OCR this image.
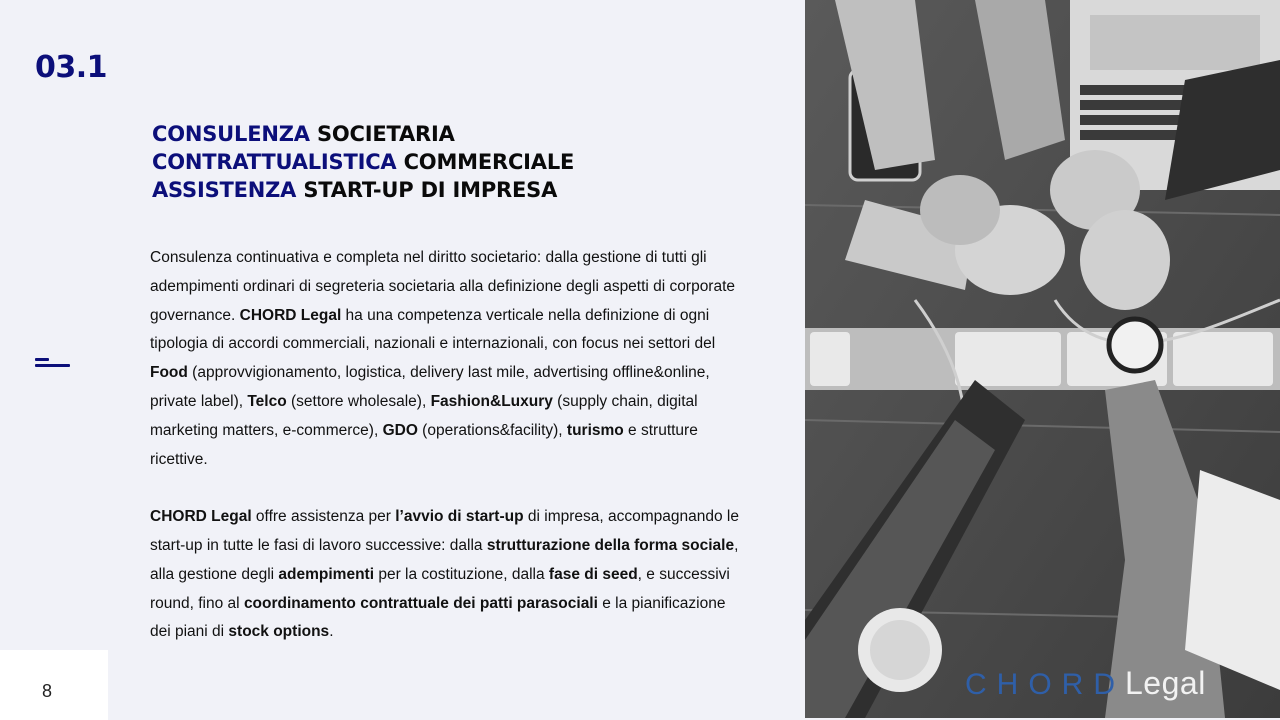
03.1
CONSULENZA SOCIETARIA
CONTRATTUALISTICA COMMERCIALE
ASSISTENZA START-UP DI IMPRESA

Consulenza continuativa e completa nel diritto societario: dalla gestione di tutti gli adempimenti ordinari di segreteria societaria alla definizione degli aspetti di corporate governance. CHORD Legal ha una competenza verticale nella definizione di ogni tipologia di accordi commerciali, nazionali e internazionali, con focus nei settori del Food (approvvigionamento, logistica, delivery last mile, advertising offline&online, private label), Telco (settore wholesale), Fashion&Luxury (supply chain, digital marketing matters, e-commerce), GDO (operations&facility), turismo e strutture ricettive.

CHORD Legal offre assistenza per l’avvio di start-up di impresa, accompagnando le start-up in tutte le fasi di lavoro successive: dalla strutturazione della forma sociale, alla gestione degli adempimenti per la costituzione, dalla fase di seed, e successivi round, fino al coordinamento contrattuale dei patti parasociali e la pianificazione dei piani di stock options.

8	CHORDLegal
